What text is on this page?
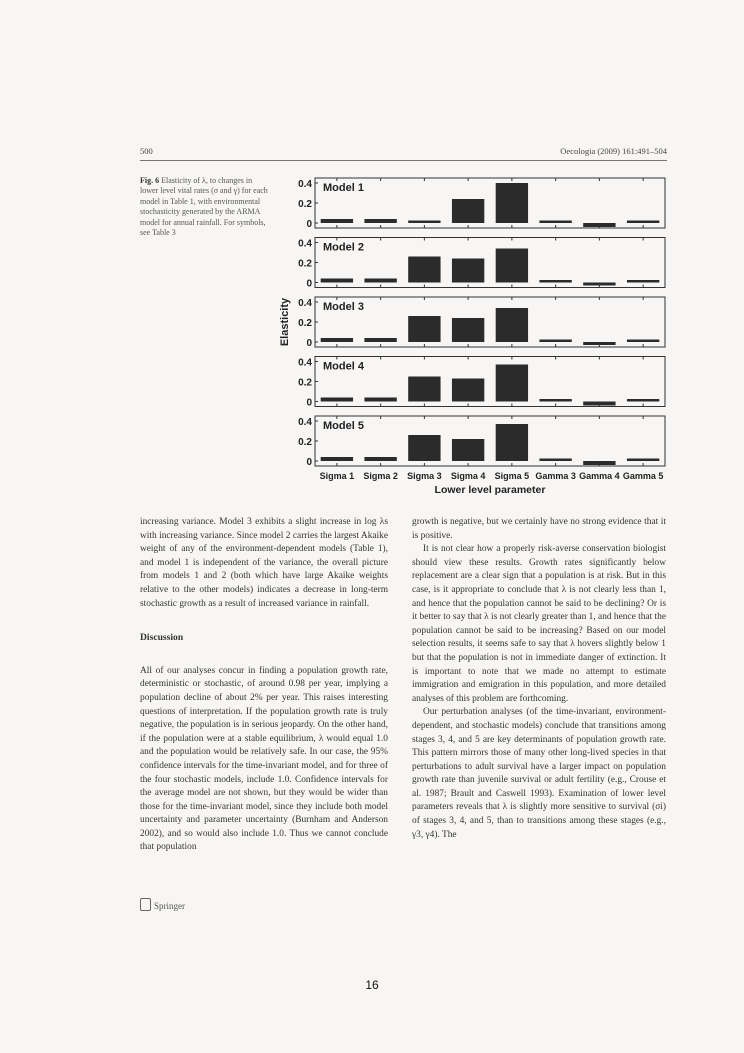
500	Oecologia (2009) 161:491–504
Fig. 6 Elasticity of λ, to changes in lower level vital rates (σ and γ) for each model in Table 1, with environmental stochasticity generated by the ARMA model for annual rainfall. For symbols, see Table 3
Model 1
0.4
0.2
0
Model 2
0.4
0.2
0
Model 3
0.4
0.2
0
Model 4
0.4
0.2
0
Model 5
0.4
0.2
0
Sigma 1 Sigma 2 Sigma 3 Sigma 4 Sigma 5 Gamma 3 Gamma 4 Gamma 5
Lower level parameter
Elasticity

increasing variance. Model 3 exhibits a slight increase in log λs with increasing variance. Since model 2 carries the largest Akaike weight of any of the environment-dependent models (Table 1), and model 1 is independent of the variance, the overall picture from models 1 and 2 (both which have large Akaike weights relative to the other models) indicates a decrease in long-term stochastic growth as a result of increased variance in rainfall.

Discussion

All of our analyses concur in finding a population growth rate, deterministic or stochastic, of around 0.98 per year, implying a population decline of about 2% per year. This raises interesting questions of interpretation. If the population growth rate is truly negative, the population is in serious jeopardy. On the other hand, if the population were at a stable equilibrium, λ would equal 1.0 and the population would be relatively safe. In our case, the 95% confidence intervals for the time-invariant model, and for three of the four stochastic models, include 1.0. Confidence intervals for the average model are not shown, but they would be wider than those for the time-invariant model, since they include both model uncertainty and parameter uncertainty (Burnham and Anderson 2002), and so would also include 1.0. Thus we cannot conclude that population

growth is negative, but we certainly have no strong evidence that it is positive.

It is not clear how a properly risk-averse conservation biologist should view these results. Growth rates significantly below replacement are a clear sign that a population is at risk. But in this case, is it appropriate to conclude that λ is not clearly less than 1, and hence that the population cannot be said to be declining? Or is it better to say that λ is not clearly greater than 1, and hence that the population cannot be said to be increasing? Based on our model selection results, it seems safe to say that λ hovers slightly below 1 but that the population is not in immediate danger of extinction. It is important to note that we made no attempt to estimate immigration and emigration in this population, and more detailed analyses of this problem are forthcoming.

Our perturbation analyses (of the time-invariant, environment-dependent, and stochastic models) conclude that transitions among stages 3, 4, and 5 are key determinants of population growth rate. This pattern mirrors those of many other long-lived species in that perturbations to adult survival have a larger impact on population growth rate than juvenile survival or adult fertility (e.g., Crouse et al. 1987; Brault and Caswell 1993). Examination of lower level parameters reveals that λ is slightly more sensitive to survival (σi) of stages 3, 4, and 5, than to transitions among these stages (e.g., γ3, γ4). The

Springer
16
